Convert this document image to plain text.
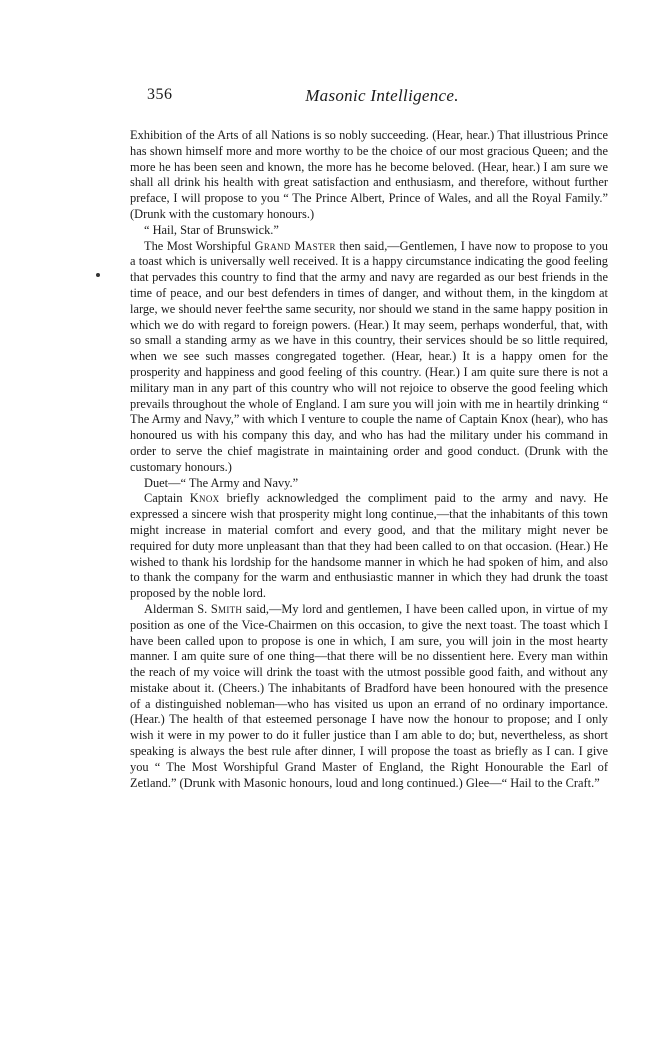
356	Masonic Intelligence.

Exhibition of the Arts of all Nations is so nobly succeeding. (Hear, hear.) That illustrious Prince has shown himself more and more worthy to be the choice of our most gracious Queen; and the more he has been seen and known, the more has he become beloved. (Hear, hear.) I am sure we shall all drink his health with great satisfaction and enthusiasm, and therefore, without further preface, I will propose to you “ The Prince Albert, Prince of Wales, and all the Royal Family.” (Drunk with the customary honours.)

“ Hail, Star of Brunswick.”

The Most Worshipful Grand Master then said,—Gentlemen, I have now to propose to you a toast which is universally well received. It is a happy circumstance indicating the good feeling that pervades this country to find that the army and navy are regarded as our best friends in the time of peace, and our best defenders in times of danger, and without them, in the kingdom at large, we should never feel the same security, nor should we stand in the same happy position in which we do with regard to foreign powers. (Hear.) It may seem, perhaps wonderful, that, with so small a standing army as we have in this country, their services should be so little required, when we see such masses congregated together. (Hear, hear.) It is a happy omen for the prosperity and happiness and good feeling of this country. (Hear.) I am quite sure there is not a military man in any part of this country who will not rejoice to observe the good feeling which prevails throughout the whole of England. I am sure you will join with me in heartily drinking “ The Army and Navy,” with which I venture to couple the name of Captain Knox (hear), who has honoured us with his company this day, and who has had the military under his command in order to serve the chief magistrate in maintaining order and good conduct. (Drunk with the customary honours.)

Duet—“ The Army and Navy.”

Captain Knox briefly acknowledged the compliment paid to the army and navy. He expressed a sincere wish that prosperity might long continue,—that the inhabitants of this town might increase in material comfort and every good, and that the military might never be required for duty more unpleasant than that they had been called to on that occasion. (Hear.) He wished to thank his lordship for the handsome manner in which he had spoken of him, and also to thank the company for the warm and enthusiastic manner in which they had drunk the toast proposed by the noble lord.

Alderman S. Smith said,—My lord and gentlemen, I have been called upon, in virtue of my position as one of the Vice-Chairmen on this occasion, to give the next toast. The toast which I have been called upon to propose is one in which, I am sure, you will join in the most hearty manner. I am quite sure of one thing—that there will be no dissentient here. Every man within the reach of my voice will drink the toast with the utmost possible good faith, and without any mistake about it. (Cheers.) The inhabitants of Bradford have been honoured with the presence of a distinguished nobleman—who has visited us upon an errand of no ordinary importance. (Hear.) The health of that esteemed personage I have now the honour to propose; and I only wish it were in my power to do it fuller justice than I am able to do; but, nevertheless, as short speaking is always the best rule after dinner, I will propose the toast as briefly as I can. I give you “ The Most Worshipful Grand Master of England, the Right Honourable the Earl of Zetland.” (Drunk with Masonic honours, loud and long continued.) Glee—“ Hail to the Craft.”
